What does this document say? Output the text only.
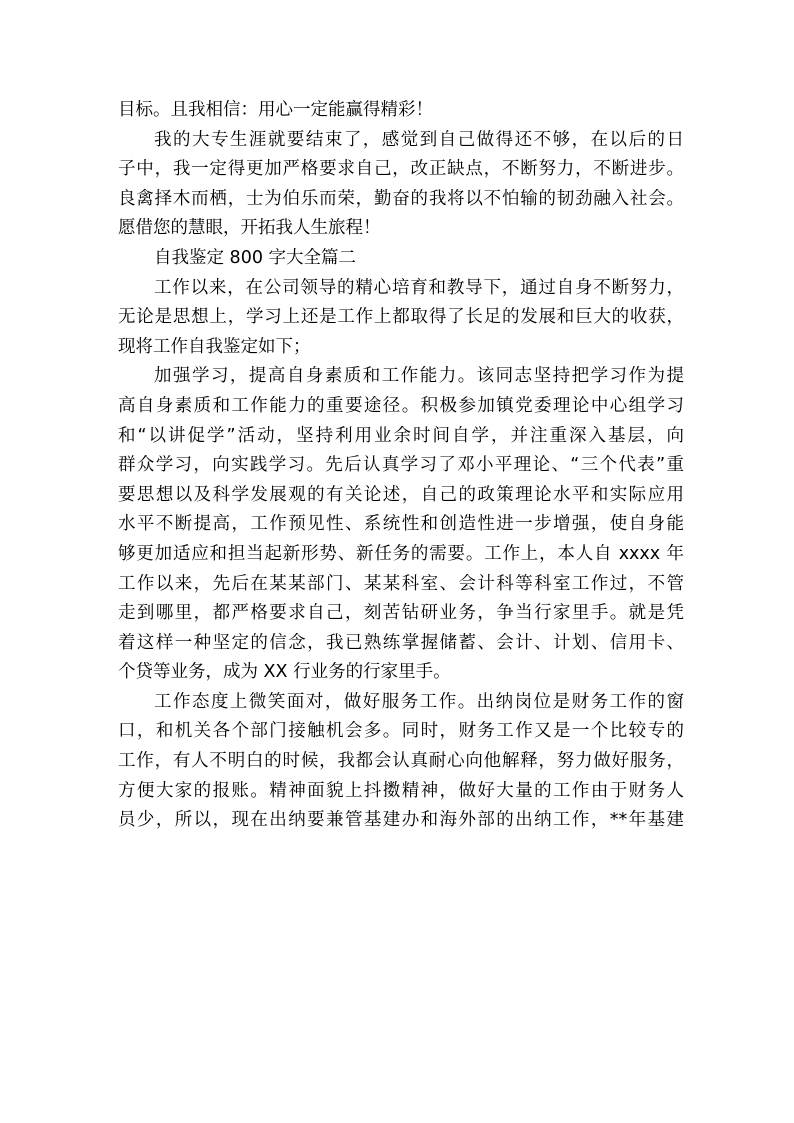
目标。且我相信：用心一定能赢得精彩！
我的大专生涯就要结束了，感觉到自己做得还不够，在以后的日
子中，我一定得更加严格要求自己，改正缺点，不断努力，不断进步。
良禽择木而栖，士为伯乐而荣，勤奋的我将以不怕输的韧劲融入社会。
愿借您的慧眼，开拓我人生旅程！
自我鉴定 800 字大全篇二
工作以来，在公司领导的精心培育和教导下，通过自身不断努力，
无论是思想上，学习上还是工作上都取得了长足的发展和巨大的收获，
现将工作自我鉴定如下；
加强学习，提高自身素质和工作能力。该同志坚持把学习作为提
高自身素质和工作能力的重要途径。积极参加镇党委理论中心组学习
和“以讲促学”活动，坚持利用业余时间自学，并注重深入基层，向
群众学习，向实践学习。先后认真学习了邓小平理论、“三个代表”重
要思想以及科学发展观的有关论述，自己的政策理论水平和实际应用
水平不断提高，工作预见性、系统性和创造性进一步增强，使自身能
够更加适应和担当起新形势、新任务的需要。工作上，本人自 xxxx 年
工作以来，先后在某某部门、某某科室、会计科等科室工作过，不管
走到哪里，都严格要求自己，刻苦钻研业务，争当行家里手。就是凭
着这样一种坚定的信念，我已熟练掌握储蓄、会计、计划、信用卡、
个贷等业务，成为 XX 行业务的行家里手。
工作态度上微笑面对，做好服务工作。出纳岗位是财务工作的窗
口，和机关各个部门接触机会多。同时，财务工作又是一个比较专的
工作，有人不明白的时候，我都会认真耐心向他解释，努力做好服务，
方便大家的报账。精神面貌上抖擞精神，做好大量的工作由于财务人
员少，所以，现在出纳要兼管基建办和海外部的出纳工作，**年基建
